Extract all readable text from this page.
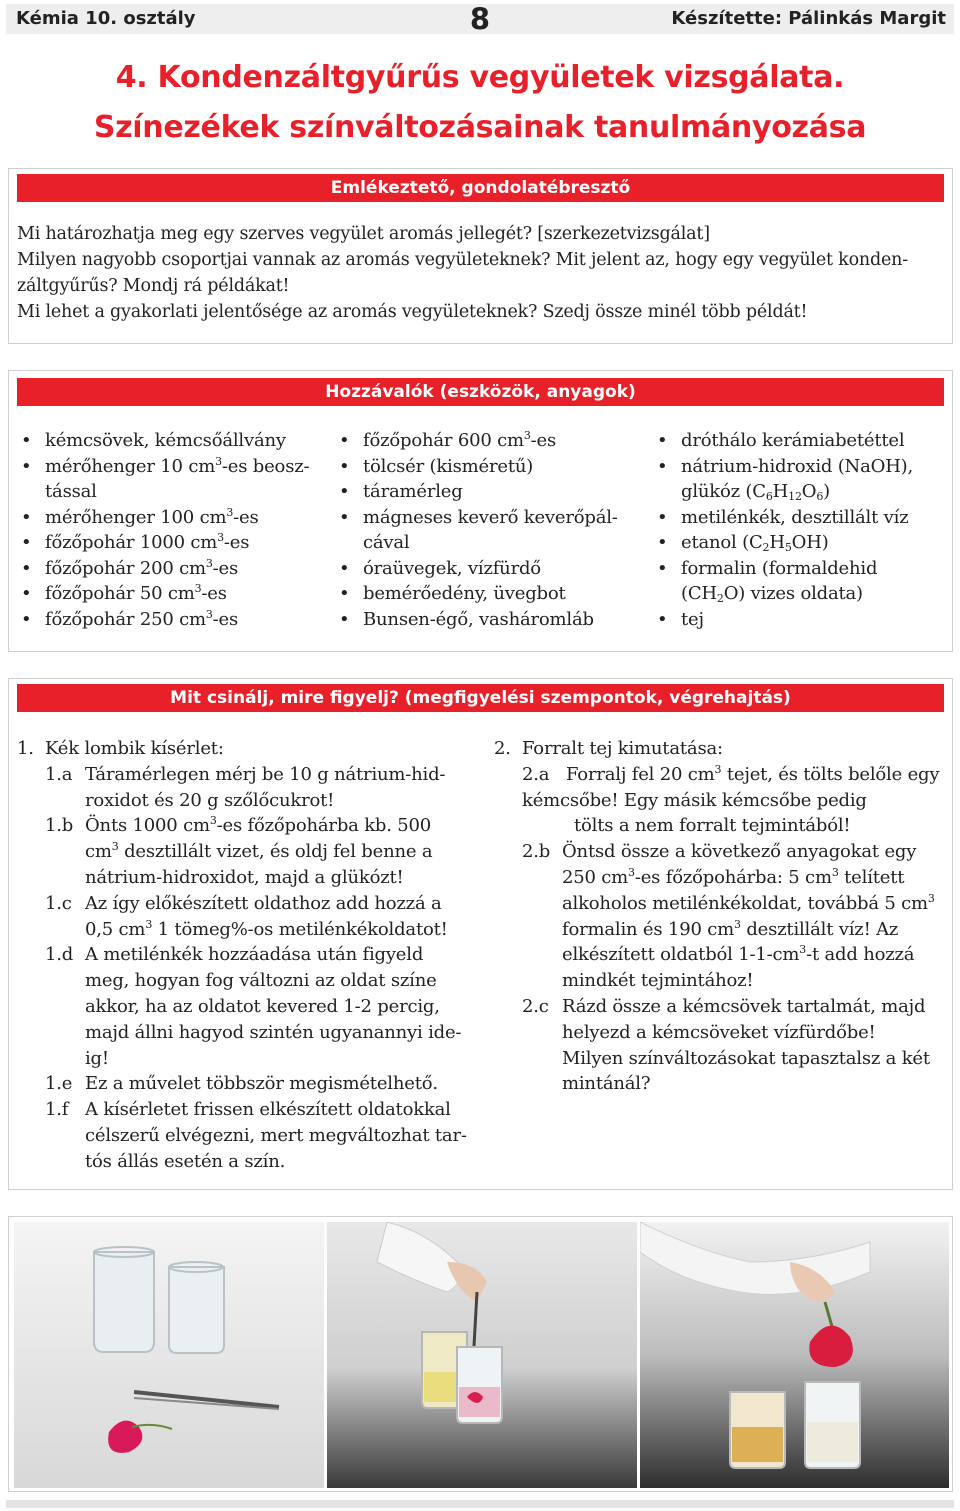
Kémia 10. osztály	8	Készítette: Pálinkás Margit
4. Kondenzáltgyűrűs vegyületek vizsgálata.
Színezékek színváltozásainak tanulmányozása
Emlékeztető, gondolatébresztő
Mi határozhatja meg egy szerves vegyület aromás jellegét? [szerkezetvizsgálat]
Milyen nagyobb csoportjai vannak az aromás vegyületeknek? Mit jelent az, hogy egy vegyület konden-
záltgyűrűs? Mondj rá példákat!
Mi lehet a gyakorlati jelentősége az aromás vegyületeknek? Szedj össze minél több példát!
Hozzávalók (eszközök, anyagok)
• kémcsövek, kémcsőállvány
• mérőhenger 10 $cm^3-es$ beosz-
tással
• mérőhenger 100 $cm^3-es$
• főzőpohár 1000 $cm^3-es$
• főzőpohár 200 $cm^3-es$
• főzőpohár 50 $cm^3-es$
• főzőpohár 250 $cm^3-es$
• főzőpohár 600 $cm^3-es$
• tölcsér (kisméretű)
• táramérleg
• mágneses keverő keverőpál-
cával
• óraüvegek, vízfürdő
• bemérőedény, üvegbot
• Bunsen-égő, vasháromláb
• dróthálo kerámiabetéttel
• nátrium-hidroxid (NaOH),
glükóz $(C_6H_{12}O_6)$
• metilénkék, desztillált víz
• etanol $(C_2H_5OH)$
• formalin (formaldehid
$(CH_2O)$ vizes oldata)
• tej
Mit csinálj, mire figyelj? (megfigyelési szempontok, végrehajtás)
1. Kék lombik kísérlet:
1.a Táramérlegen mérj be 10 g nátrium-hid-
roxidot és 20 g szőlőcukrot!
1.b Önts 1000 $cm^3-es$ főzőpohárba kb. 500
$cm^3$ desztillált vizet, és oldj fel benne a
nátrium-hidroxidot, majd a glükózt!
1.c Az így előkészített oldathoz add hozzá a
0,5 $cm^3$ 1 tömeg%-os metilénkékoldatot!
1.d A metilénkék hozzáadása után figyeld
meg, hogyan fog változni az oldat színe
akkor, ha az oldatot kevered 1-2 percig,
majd állni hagyod szintén ugyanannyi ide-
ig!
1.e Ez a művelet többször megismételhető.
1.f A kísérletet frissen elkészített oldatokkal
célszerű elvégezni, mert megváltozhat tar-
tós állás esetén a szín.
2. Forralt tej kimutatása:
2.a Forralj fel 20 $cm^3$ tejet, és tölts belőle egy
kémcsőbe! Egy másik kémcsőbe pedig
tölts a nem forralt tejmintából!
2.b Öntsd össze a következő anyagokat egy
250 $cm^3-es$ főzőpohárba: 5 $cm^3$ telített
alkoholos metilénkékoldat, továbbá 5 $cm^3$
formalin és 190 $cm^3$ desztillált víz! Az
elkészített oldatból $1-1-cm^3-t$ add hozzá
mindkét tejmintához!
2.c Rázd össze a kémcsövek tartalmát, majd
helyezd a kémcsöveket vízfürdőbe!
Milyen színváltozásokat tapasztalsz a két
mintánál?
